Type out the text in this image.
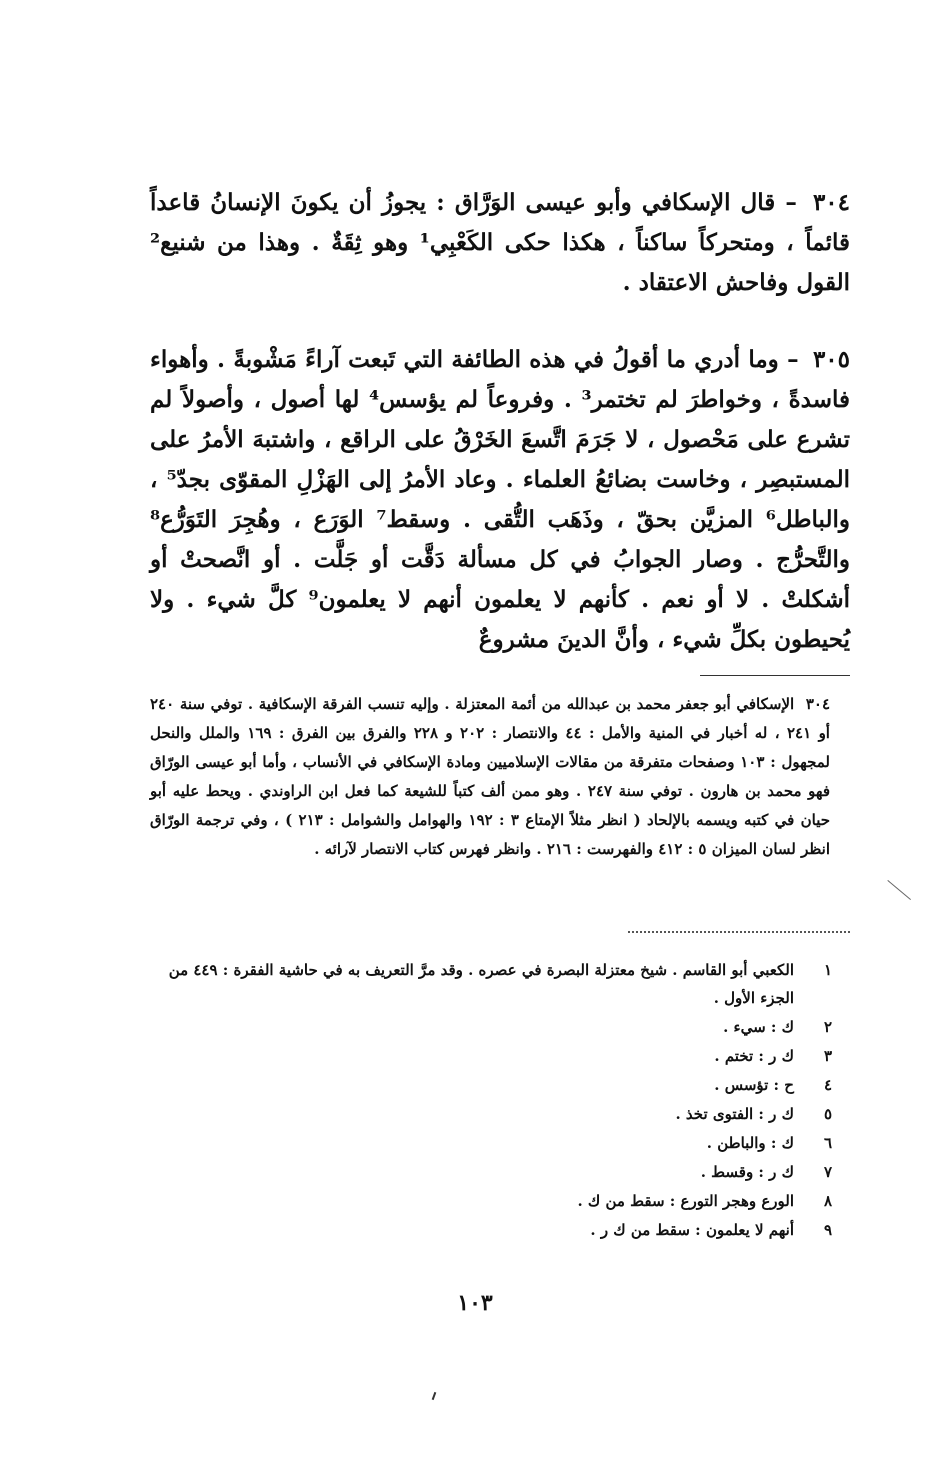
٣٠٤ – قال الإسكافي وأبو عيسى الوَرَّاق : يجوزُ أن يكونَ الإنسانُ قاعداً قائماً ، ومتحركاً ساكناً ، هكذا حكى الكَعْبِي¹ وهو ثِقَةٌ . وهذا من شنيع² القول وفاحش الاعتقاد .
٣٠٥ – وما أدري ما أقولُ في هذه الطائفة التي تَبعت آراءً مَشْوبةً . وأهواء فاسدةً ، وخواطرَ لم تختمر³ . وفروعاً لم يؤسس⁴ لها أصول ، وأصولاً لم تشرع على مَحْصول ، لا جَرَمَ اتَّسعَ الخَرْقُ على الراقع ، واشتبهَ الأمرُ على المستبصِر ، وخاست بضائعُ العلماء . وعاد الأمرُ إلى الهَزْلِ المقوّى بجدّ⁵ ، والباطل⁶ المزيَّن بحقّ ، وذَهَب التُّقى . وسقط⁷ الوَرَع ، وهُجِرَ التَوَرُّع⁸ والتَّحرُّج . وصار الجوابُ في كل مسألة دَقَّت أو جَلَّت . أو انَّصحتْ أو أشكلتْ . لا أو نعم . كأنهم لا يعلمون أنهم لا يعلمون⁹ كلَّ شيء . ولا يُحيطون بكلِّ شيء ، وأنَّ الدينَ مشروعٌ
٣٠٤ الإسكافي أبو جعفر محمد بن عبدالله من أئمة المعتزلة . وإليه تنسب الفرقة الإسكافية . توفي سنة ٢٤٠ أو ٢٤١ ، له أخبار في المنية والأمل : ٤٤ والانتصار : ٢٠٢ و ٢٢٨ والفرق بين الفرق : ١٦٩ والملل والنحل لمجهول : ١٠٣ وصفحات متفرقة من مقالات الإسلاميين ومادة الإسكافي في الأنساب ، وأما أبو عيسى الورّاق فهو محمد بن هارون . توفي سنة ٢٤٧ . وهو ممن ألف كتباً للشيعة كما فعل ابن الراوندي . ويحط عليه أبو حيان في كتبه ويسمه بالإلحاد ( انظر مثلاً الإمتاع ٣ : ١٩٢ والهوامل والشوامل : ٢١٣ ) ، وفي ترجمة الورّاق انظر لسان الميزان ٥ : ٤١٢ والفهرست : ٢١٦ . وانظر فهرس كتاب الانتصار لآرائه .
١
الكعبي أبو القاسم . شيخ معتزلة البصرة في عصره . وقد مرَّ التعريف به في حاشية الفقرة : ٤٤٩ من الجزء الأول .
٢
ك : سيء .
٣
ك ر : تختم .
٤
ح : تؤسس .
٥
ك ر : الفتوى تخذ .
٦
ك : والباطن .
٧
ك ر : وقسط .
٨
الورع وهجر التورع : سقط من ك .
٩
أنهم لا يعلمون : سقط من ك ر .
١٠٣
